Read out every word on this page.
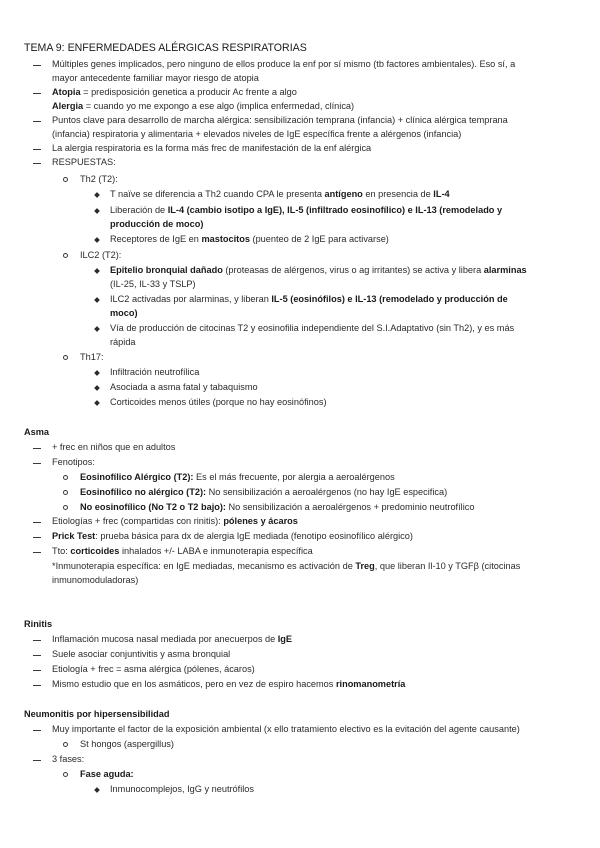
TEMA 9: ENFERMEDADES ALÉRGICAS RESPIRATORIAS
Múltiples genes implicados, pero ninguno de ellos produce la enf por sí mismo (tb factores ambientales). Eso sí, a
mayor antecedente familiar mayor riesgo de atopia
Atopia = predisposición genetica a producir Ac frente a algo
Alergia = cuando yo me expongo a ese algo (implica enfermedad, clínica)
Puntos clave para desarrollo de marcha alérgica: sensibilización temprana (infancia) + clínica alérgica temprana
(infancia) respiratoria y alimentaria + elevados niveles de IgE específica frente a alérgenos (infancia)
La alergia respiratoria es la forma más frec de manifestación de la enf alérgica
RESPUESTAS:
Th2 (T2):
T naïve se diferencia a Th2 cuando CPA le presenta antígeno en presencia de IL-4
Liberación de IL-4 (cambio isotipo a IgE), IL-5 (infiltrado eosinofílico) e IL-13 (remodelado y
producción de moco)
Receptores de IgE en mastocitos (puenteo de 2 IgE para activarse)
ILC2 (T2):
Epitelio bronquial dañado (proteasas de alérgenos, virus o ag irritantes) se activa y libera alarminas
(IL-25, IL-33 y TSLP)
ILC2 activadas por alarminas, y liberan IL-5 (eosinófilos) e IL-13 (remodelado y producción de
moco)
Vía de producción de citocinas T2 y eosinofilia independiente del S.I.Adaptativo (sin Th2), y es más
rápida
Th17:
Infiltración neutrofílica
Asociada a asma fatal y tabaquismo
Corticoides menos útiles (porque no hay eosinófinos)
Asma
+ frec en niños que en adultos
Fenotipos:
Eosinofílico Alérgico (T2): Es el más frecuente, por alergia a aeroalérgenos
Eosinofílico no alérgico (T2): No sensibilización a aeroalérgenos (no hay IgE especifica)
No eosinofílico (No T2 o T2 bajo): No sensibilización a aeroalérgenos + predominio neutrofílico
Etiologías + frec (compartidas con rinitis): pólenes y ácaros
Prick Test: prueba básica para dx de alergia IgE mediada (fenotipo eosinofílico alérgico)
Tto: corticoides inhalados +/- LABA e inmunoterapia específica
*Inmunoterapia específica: en IgE mediadas, mecanismo es activación de Treg, que liberan Il-10 y TGFβ (citocinas
inmunomoduladoras)
Rinitis
Inflamación mucosa nasal mediada por anecuerpos de IgE
Suele asociar conjuntivitis y asma bronquial
Etiología + frec = asma alérgica (pólenes, ácaros)
Mismo estudio que en los asmáticos, pero en vez de espiro hacemos rinomanometría
Neumonitis por hipersensibilidad
Muy importante el factor de la exposición ambiental (x ello tratamiento electivo es la evitación del agente causante)
St hongos (aspergillus)
3 fases:
Fase aguda:
Inmunocomplejos, IgG y neutrófilos
